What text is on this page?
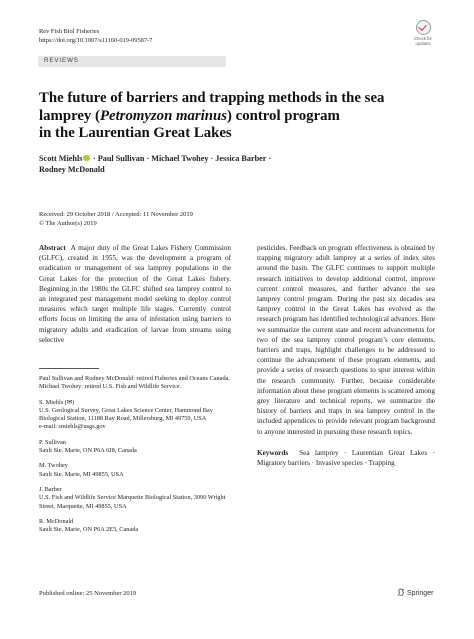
Rev Fish Biol Fisheries
https://doi.org/10.1007/s11160-019-09587-7	Check for
updates
REVIEWS
The future of barriers and trapping methods in the sea
lamprey (Petromyzon marinus) control program
in the Laurentian Great Lakes
Scott Miehls · Paul Sullivan · Michael Twohey · Jessica Barber ·
Rodney McDonald
Received: 29 October 2018 / Accepted: 11 November 2019
© The Author(s) 2019
Abstract A major duty of the Great Lakes Fishery Commission (GLFC), created in 1955, was the development a program of eradication or management of sea lamprey populations in the Great Lakes for the protection of the Great Lakes fishery. Beginning in the 1980s the GLFC shifted sea lamprey control to an integrated pest management model seeking to deploy control measures which target multiple life stages. Currently control efforts focus on limiting the area of infestation using barriers to migratory adults and eradication of larvae from streams using selective
pesticides. Feedback on program effectiveness is obtained by trapping migratory adult lamprey at a series of index sites around the basin. The GLFC continues to support multiple research initiatives to develop additional control, improve current control measures, and further advance the sea lamprey control program. During the past six decades sea lamprey control in the Great Lakes has evolved as the research program has identified technological advances. Here we summarize the current state and recent advancements for two of the sea lamprey control program’s core elements, barriers and traps, highlight challenges to be addressed to continue the advancement of these program elements, and provide a series of research questions to spur interest within the research community. Further, because considerable information about these program elements is scattered among grey literature and technical reports, we summarize the history of barriers and traps in sea lamprey control in the included appendices to provide relevant program background to anyone interested in pursuing these research topics.
Keywords Sea lamprey · Laurentian Great Lakes · Migratory barriers · Invasive species · Trapping

Paul Sullivan and Rodney McDonald: retired Fisheries and Oceans Canada.
Michael Twohey: retired U.S. Fish and Wildlife Service.

S. Miehls (✉)
U.S. Geological Survey, Great Lakes Science Center, Hammond Bay Biological Station, 11188 Ray Road, Millersburg, MI 49759, USA
e-mail: smiehls@usgs.gov

P. Sullivan
Sault Ste. Marie, ON P6A 6J8, Canada

M. Twohey
Sault Ste. Marie, MI 49855, USA

J. Barber
U.S. Fish and Wildlife Service Marquette Biological Station, 3090 Wright Street, Marquette, MI 49855, USA

R. McDonald
Sault Ste. Marie, ON P6A 2E5, Canada

Published online: 25 November 2019	Springer
